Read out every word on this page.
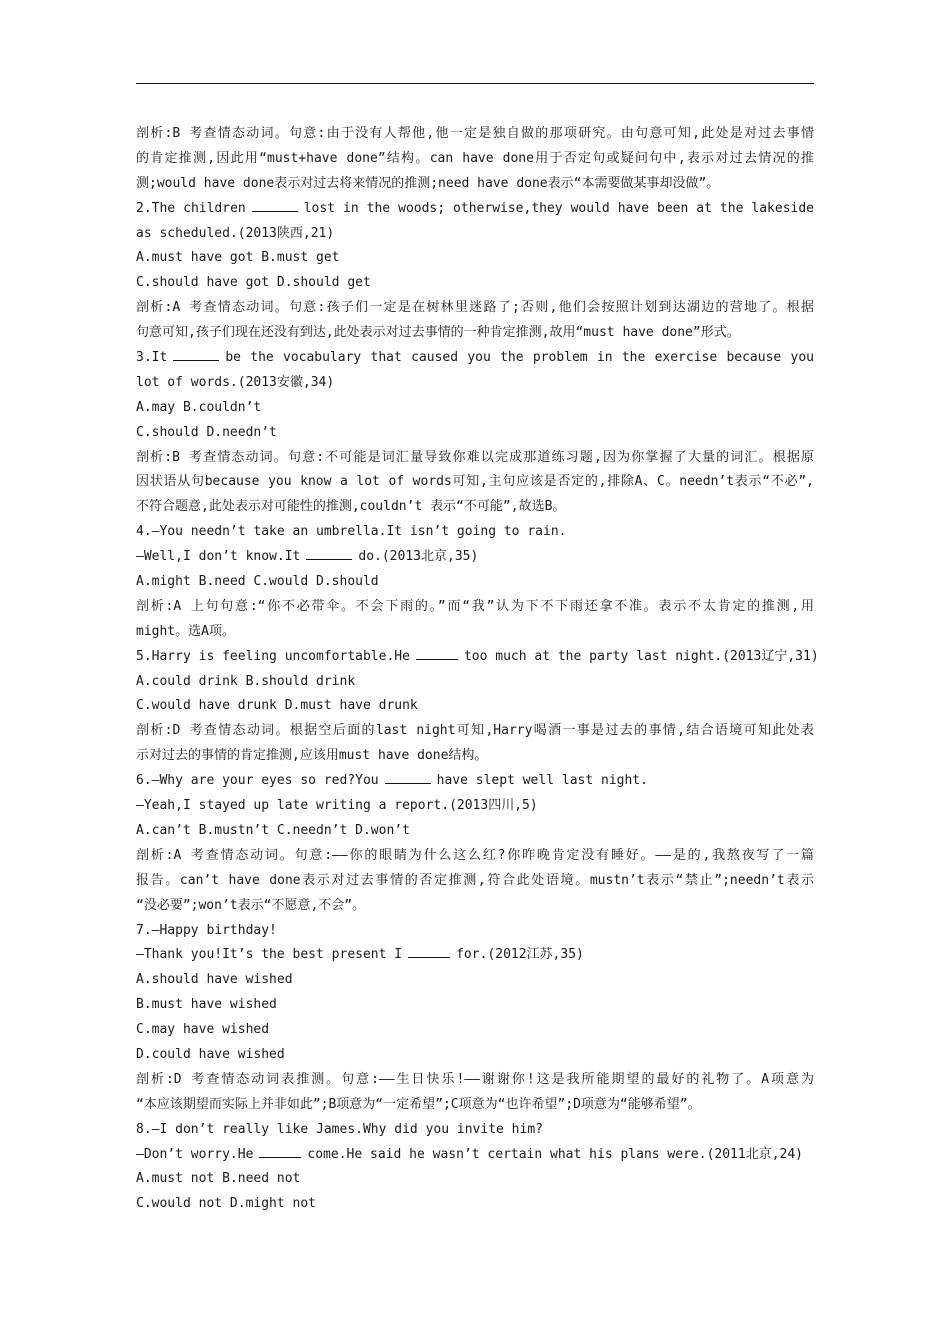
剖析:B 考查情态动词。句意:由于没有人帮他,他一定是独自做的那项研究。由句意可知,此处是对过去事情
的肯定推测,因此用“must+have done”结构。can have done用于否定句或疑问句中,表示对过去情况的推
测;would have done表示对过去将来情况的推测;need have done表示“本需要做某事却没做”。
2.The children	lost in the woods; otherwise,they would have been at the lakeside
as scheduled.(2013陕西,21)
A.must have got B.must get
C.should have got D.should get
剖析:A 考查情态动词。句意:孩子们一定是在树林里迷路了;否则,他们会按照计划到达湖边的营地了。根据
句意可知,孩子们现在还没有到达,此处表示对过去事情的一种肯定推测,故用“must have done”形式。
3.It	be the vocabulary that caused you the problem in the exercise because you
lot of words.(2013安徽,34)
A.may B.couldn’t
C.should D.needn’t
剖析:B 考查情态动词。句意:不可能是词汇量导致你难以完成那道练习题,因为你掌握了大量的词汇。根据原
因状语从句because you know a lot of words可知,主句应该是否定的,排除A、C。needn’t表示“不必”,
不符合题意,此处表示对可能性的推测,couldn’t 表示“不可能”,故选B。
4.—You needn’t take an umbrella.It isn’t going to rain.
—Well,I don’t know.It	do.(2013北京,35)
A.might B.need C.would D.should
剖析:A 上句句意:“你不必带伞。不会下雨的。”而“我”认为下不下雨还拿不准。表示不太肯定的推测,用
might。选A项。
5.Harry is feeling uncomfortable.He	too much at the party last night.(2013辽宁,31)
A.could drink B.should drink
C.would have drunk D.must have drunk
剖析:D 考查情态动词。根据空后面的last night可知,Harry喝酒一事是过去的事情,结合语境可知此处表
示对过去的事情的肯定推测,应该用must have done结构。
6.—Why are your eyes so red?You	have slept well last night.
—Yeah,I stayed up late writing a report.(2013四川,5)
A.can’t B.mustn’t C.needn’t D.won’t
剖析:A 考查情态动词。句意:——你的眼睛为什么这么红?你昨晚肯定没有睡好。——是的,我熬夜写了一篇
报告。can’t have done表示对过去事情的否定推测,符合此处语境。mustn’t表示“禁止”;needn’t表示
“没必要”;won’t表示“不愿意,不会”。
7.—Happy birthday!
—Thank you!It’s the best present I	for.(2012江苏,35)
A.should have wished
B.must have wished
C.may have wished
D.could have wished
剖析:D 考查情态动词表推测。句意:——生日快乐!——谢谢你!这是我所能期望的最好的礼物了。A项意为
“本应该期望而实际上并非如此”;B项意为“一定希望”;C项意为“也许希望”;D项意为“能够希望”。
8.—I don’t really like James.Why did you invite him?
—Don’t worry.He	come.He said he wasn’t certain what his plans were.(2011北京,24)
A.must not B.need not
C.would not D.might not
